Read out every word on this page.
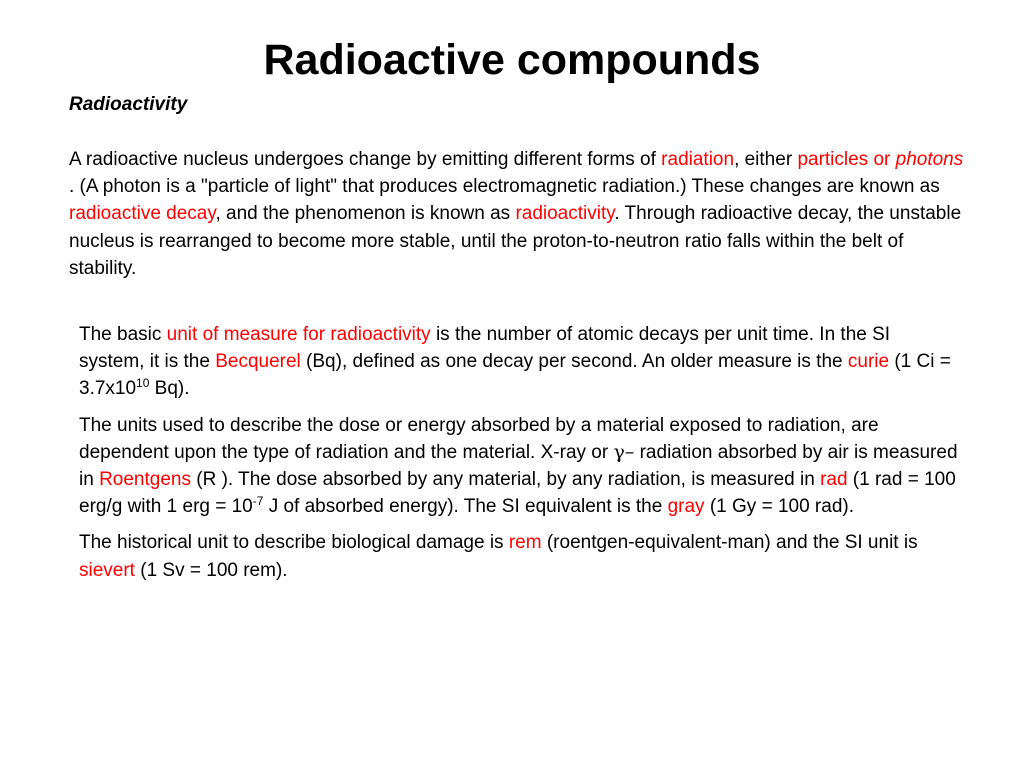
Radioactive compounds
Radioactivity

A radioactive nucleus undergoes change by emitting different forms of radiation, either particles or photons . (A photon is a "particle of light" that produces electromagnetic radiation.) These changes are known as radioactive decay, and the phenomenon is known as radioactivity. Through radioactive decay, the unstable nucleus is rearranged to become more stable, until the proton-to-neutron ratio falls within the belt of stability.

The basic unit of measure for radioactivity is the number of atomic decays per unit time. In the SI system, it is the Becquerel (Bq), defined as one decay per second. An older measure is the curie (1 $Ci = 3.7x10^{10}$ Bq).

The units used to describe the dose or energy absorbed by a material exposed to radiation, are dependent upon the type of radiation and the material. X-ray or γ– radiation absorbed by air is measured in Roentgens (R ). The dose absorbed by any material, by any radiation, is measured in rad (1 rad = 100 erg/g with 1 erg = $10^{-7}$ J of absorbed energy). The SI equivalent is the gray (1 Gy = 100 rad).

The historical unit to describe biological damage is rem (roentgen-equivalent-man) and the SI unit is sievert (1 Sv = 100 rem).
